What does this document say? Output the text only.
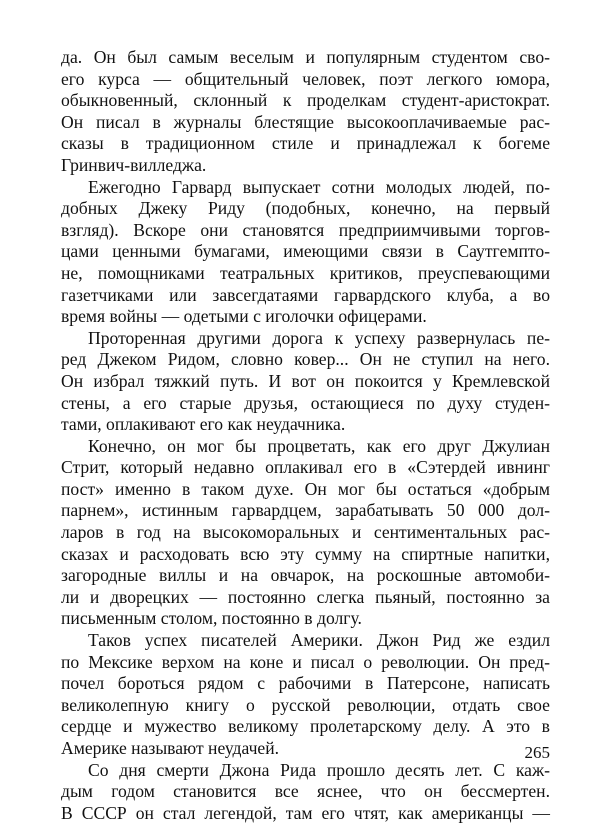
да. Он был самым веселым и популярным студентом сво-
его курса — общительный человек, поэт легкого юмора,
обыкновенный, склонный к проделкам студент-аристократ.
Он писал в журналы блестящие высокооплачиваемые рас-
сказы в традиционном стиле и принадлежал к богеме
Гринвич-вилледжа.

Ежегодно Гарвард выпускает сотни молодых людей, по-
добных Джеку Риду (подобных, конечно, на первый
взгляд). Вскоре они становятся предприимчивыми торгов-
цами ценными бумагами, имеющими связи в Саутгемпто-
не, помощниками театральных критиков, преуспевающими
газетчиками или завсегдатаями гарвардского клуба, а во
время войны — одетыми с иголочки офицерами.

Проторенная другими дорога к успеху развернулась пе-
ред Джеком Ридом, словно ковер... Он не ступил на него.
Он избрал тяжкий путь. И вот он покоится у Кремлевской
стены, а его старые друзья, остающиеся по духу студен-
тами, оплакивают его как неудачника.

Конечно, он мог бы процветать, как его друг Джулиан
Стрит, который недавно оплакивал его в «Сэтердей ивнинг
пост» именно в таком духе. Он мог бы остаться «добрым
парнем», истинным гарвардцем, зарабатывать 50 000 дол-
ларов в год на высокоморальных и сентиментальных рас-
сказах и расходовать всю эту сумму на спиртные напитки,
загородные виллы и на овчарок, на роскошные автомоби-
ли и дворецких — постоянно слегка пьяный, постоянно за
письменным столом, постоянно в долгу.

Таков успех писателей Америки. Джон Рид же ездил
по Мексике верхом на коне и писал о революции. Он пред-
почел бороться рядом с рабочими в Патерсоне, написать
великолепную книгу о русской революции, отдать свое
сердце и мужество великому пролетарскому делу. А это в
Америке называют неудачей.

Со дня смерти Джона Рида прошло десять лет. С каж-
дым годом становится все яснее, что он бессмертен.
В СССР он стал легендой, там его чтят, как американцы —

265
